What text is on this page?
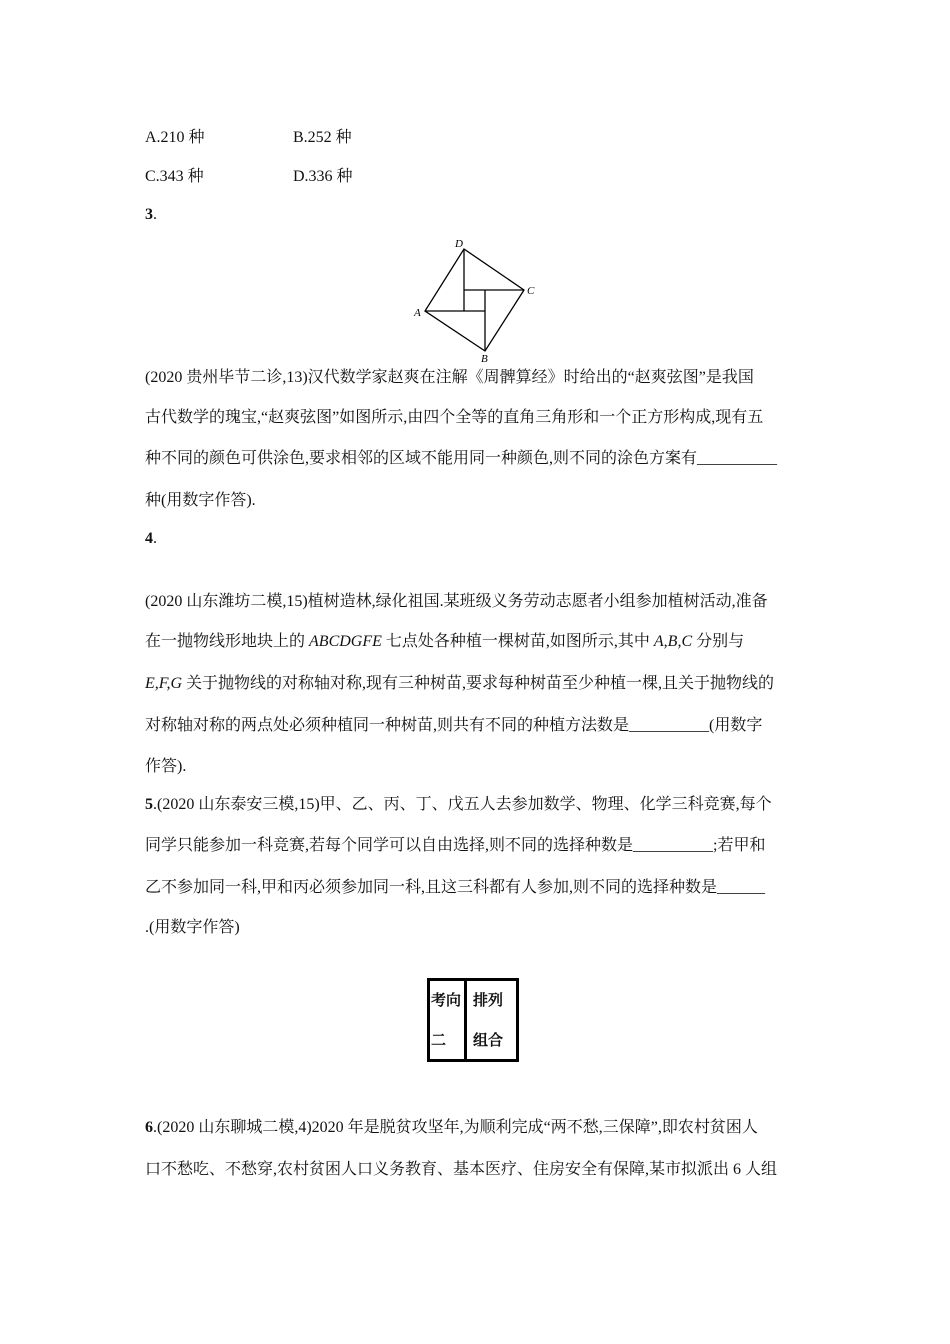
A.210 种	B.252 种
C.343 种	D.336 种
3.
D
C
A
B
(2020 贵州毕节二诊,13)汉代数学家赵爽在注解《周髀算经》时给出的“赵爽弦图”是我国
古代数学的瑰宝,“赵爽弦图”如图所示,由四个全等的直角三角形和一个正方形构成,现有五
种不同的颜色可供涂色,要求相邻的区域不能用同一种颜色,则不同的涂色方案有__________
种(用数字作答).
4.
(2020 山东潍坊二模,15)植树造林,绿化祖国.某班级义务劳动志愿者小组参加植树活动,准备
在一抛物线形地块上的 ABCDGFE 七点处各种植一棵树苗,如图所示,其中 A,B,C 分别与
E,F,G 关于抛物线的对称轴对称,现有三种树苗,要求每种树苗至少种植一棵,且关于抛物线的
对称轴对称的两点处必须种植同一种树苗,则共有不同的种植方法数是__________(用数字
作答).
5.(2020 山东泰安三模,15)甲、乙、丙、丁、戊五人去参加数学、物理、化学三科竞赛,每个
同学只能参加一科竞赛,若每个同学可以自由选择,则不同的选择种数是__________;若甲和
乙不参加同一科,甲和丙必须参加同一科,且这三科都有人参加,则不同的选择种数是______
.(用数字作答)
考向
二
排列
组合
6.(2020 山东聊城二模,4)2020 年是脱贫攻坚年,为顺利完成“两不愁,三保障”,即农村贫困人
口不愁吃、不愁穿,农村贫困人口义务教育、基本医疗、住房安全有保障,某市拟派出 6 人组
